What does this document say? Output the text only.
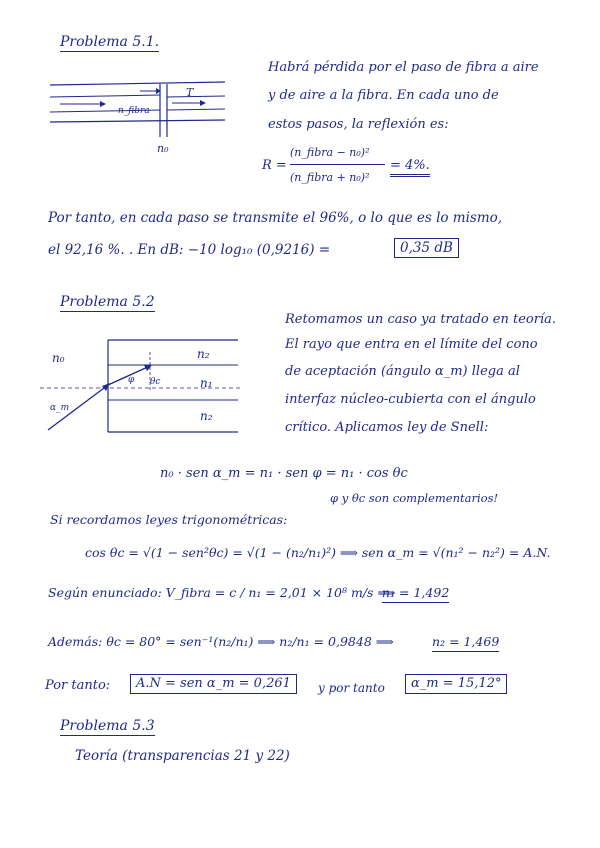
Problema 5.1.
n_fibra
T
n₀
n₂
n₁
n₂
n₀
α_m
φ θc
Habrá pérdida por el paso de fibra a aire
y de aire a la fibra. En cada uno de
estos pasos, la reflexión es:
R =
(n_fibra − n₀)²
(n_fibra + n₀)²
= 4%.
Por tanto, en cada paso se transmite el 96%, o lo que es lo mismo,
el 92,16 %. . En dB: −10 log₁₀ (0,9216) =	0,35 dB
Problema 5.2
Retomamos un caso ya tratado en teoría.
El rayo que entra en el límite del cono
de aceptación (ángulo α_m) llega al
interfaz núcleo-cubierta con el ángulo
crítico. Aplicamos ley de Snell:
n₀ · sen α_m = n₁ · sen φ = n₁ · cos θc
φ y θc son complementarios!
Si recordamos leyes trigonométricas:
cos θc = √(1 − sen²θc) = √(1 − (n₂/n₁)²) ⟹ sen α_m = √(n₁² − n₂²) = A.N.
Según enunciado: V_fibra = c / n₁ = 2,01 × 10⁸ m/s ⟹
n₁ = 1,492
Además: θc = 80° = sen⁻¹(n₂/n₁) ⟹ n₂/n₁ = 0,9848 ⟹	n₂ = 1,469
Por tanto:	A.N = sen α_m = 0,261	y por tanto	α_m = 15,12°
Problema 5.3
Teoría (transparencias 21 y 22)
